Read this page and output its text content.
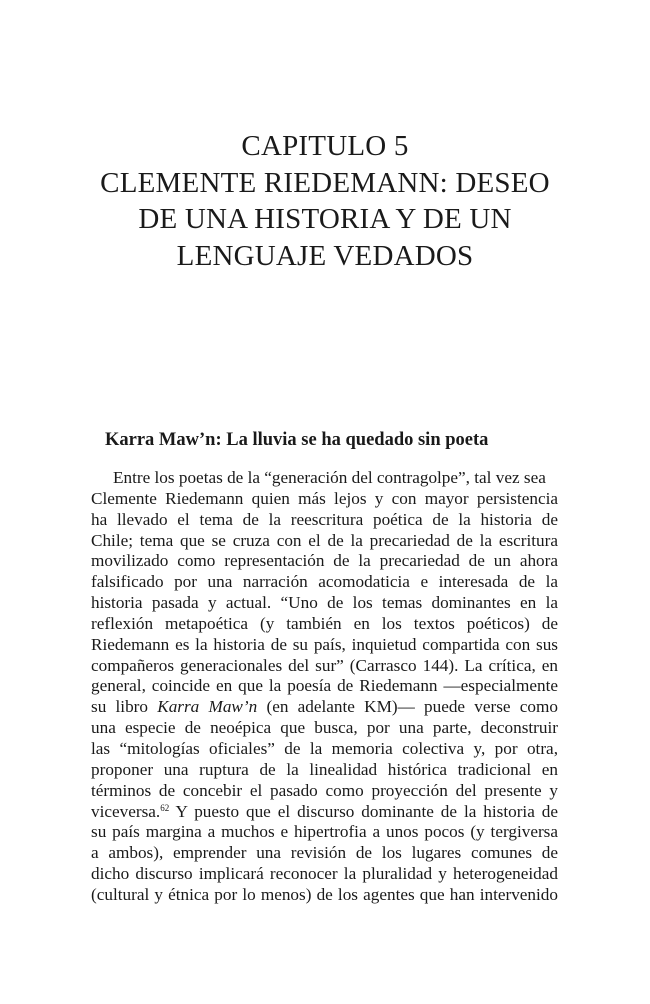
CAPITULO 5
CLEMENTE RIEDEMANN: DESEO
DE UNA HISTORIA Y DE UN
LENGUAJE VEDADOS
Karra Maw’n: La lluvia se ha quedado sin poeta
Entre los poetas de la “generación del contragolpe”, tal vez sea
Clemente Riedemann quien más lejos y con mayor persistencia
ha llevado el tema de la reescritura poética de la historia de
Chile; tema que se cruza con el de la precariedad de la escritura
movilizado como representación de la precariedad de un ahora
falsificado por una narración acomodaticia e interesada de la
historia pasada y actual. “Uno de los temas dominantes en la
reflexión metapoética (y también en los textos poéticos) de
Riedemann es la historia de su país, inquietud compartida con sus
compañeros generacionales del sur” (Carrasco 144). La crítica, en
general, coincide en que la poesía de Riedemann —especialmente
su libro Karra Maw’n (en adelante KM)— puede verse como
una especie de neoépica que busca, por una parte, deconstruir
las “mitologías oficiales” de la memoria colectiva y, por otra,
proponer una ruptura de la linealidad histórica tradicional en
términos de concebir el pasado como proyección del presente y
viceversa.$^{62}$ Y puesto que el discurso dominante de la historia de
su país margina a muchos e hipertrofia a unos pocos (y tergiversa
a ambos), emprender una revisión de los lugares comunes de
dicho discurso implicará reconocer la pluralidad y heterogeneidad
(cultural y étnica por lo menos) de los agentes que han intervenido
